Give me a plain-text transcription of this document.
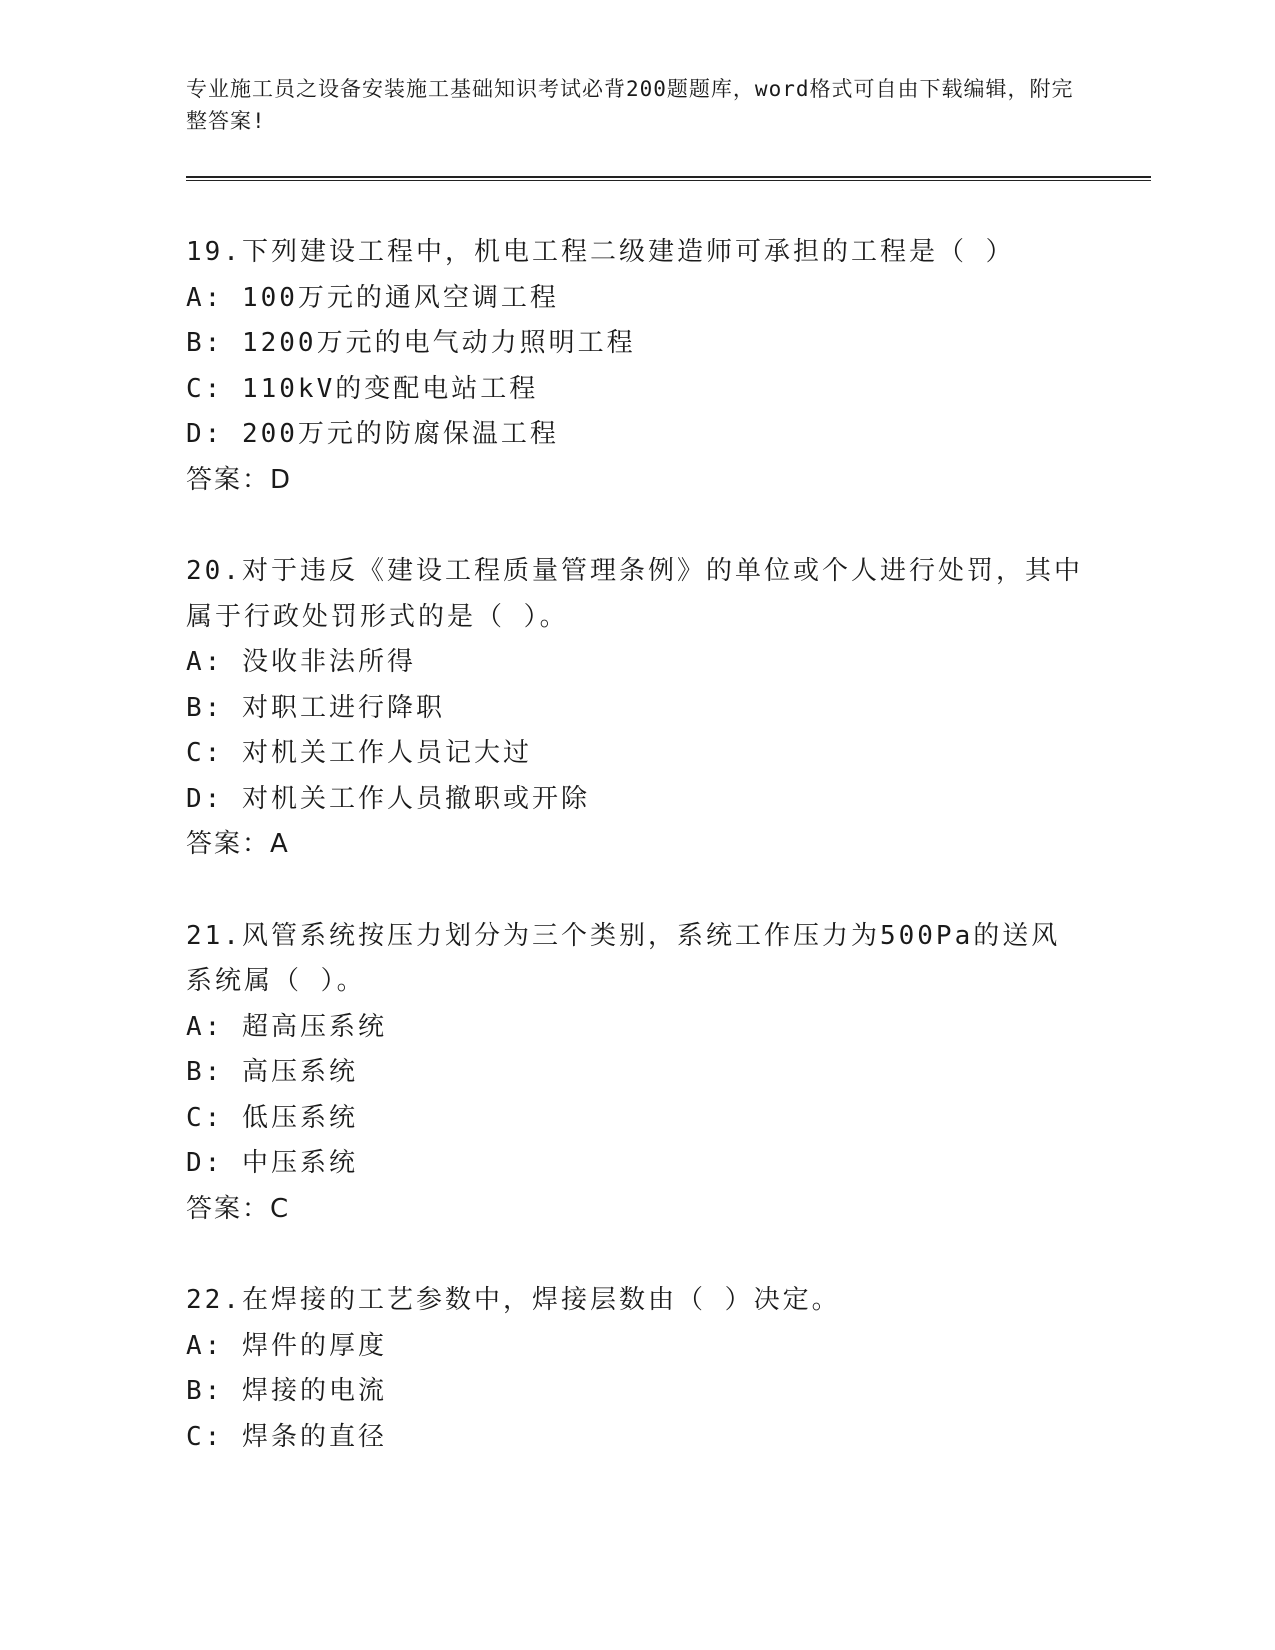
专业施工员之设备安装施工基础知识考试必背200题题库，word格式可自由下载编辑，附完整答案!
19.下列建设工程中，机电工程二级建造师可承担的工程是（ ）
A: 100万元的通风空调工程
B: 1200万元的电气动力照明工程
C: 110kV的变配电站工程
D: 200万元的防腐保温工程
答案：D
20.对于违反《建设工程质量管理条例》的单位或个人进行处罚，其中属于行政处罚形式的是（ ）。
A: 没收非法所得
B: 对职工进行降职
C: 对机关工作人员记大过
D: 对机关工作人员撤职或开除
答案：A
21.风管系统按压力划分为三个类别，系统工作压力为500Pa的送风系统属（ ）。
A: 超高压系统
B: 高压系统
C: 低压系统
D: 中压系统
答案：C
22.在焊接的工艺参数中，焊接层数由（ ）决定。
A: 焊件的厚度
B: 焊接的电流
C: 焊条的直径
